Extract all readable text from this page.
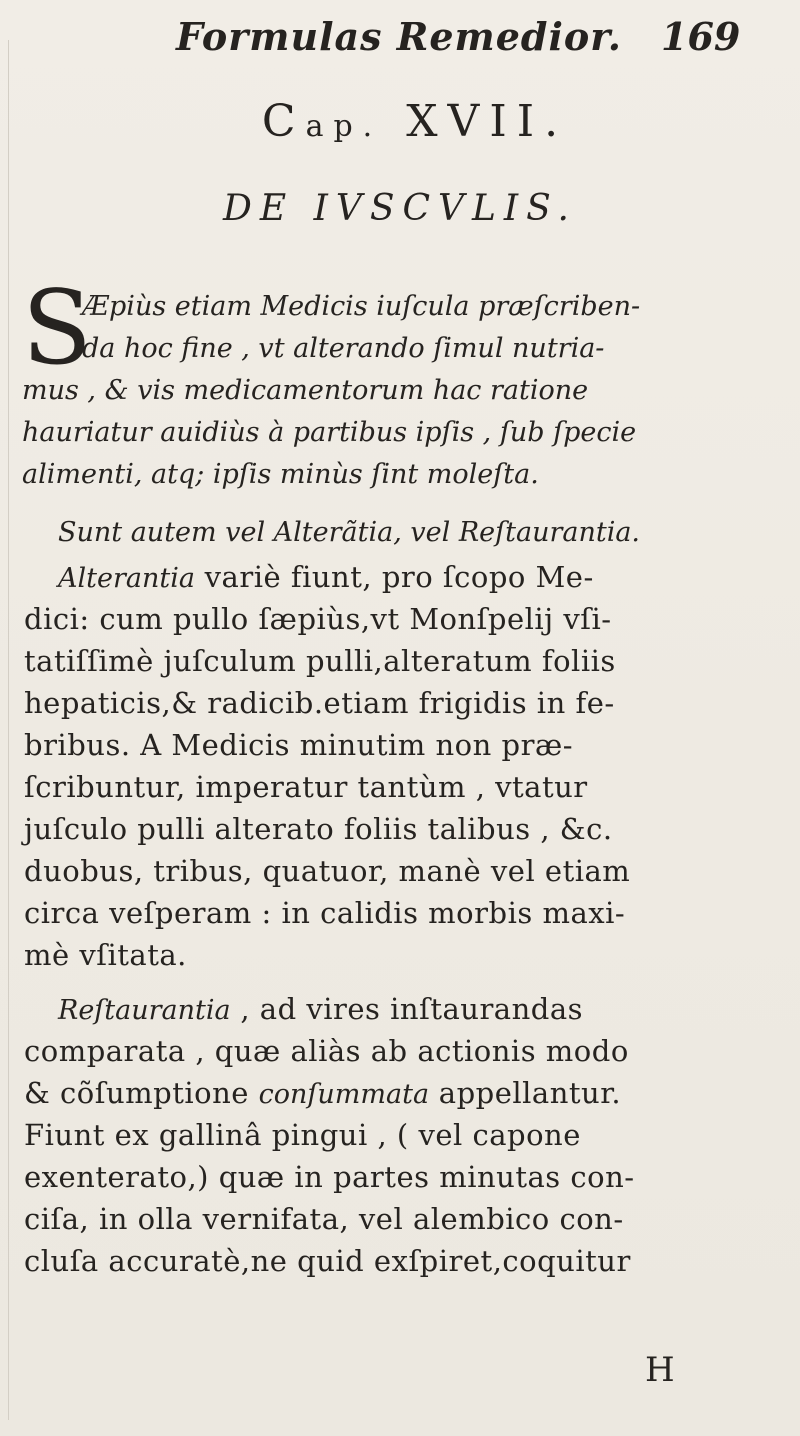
Formulas Remedior. 169
Cap. XVII.
DE IVSCVLIS.
S
Æpiùs etiam Medicis iuſcula præſcriben-
da hoc fine , vt alterando ſimul nutria-
mus , & vis medicamentorum hac ratione
hauriatur auidiùs à partibus ipſis , ſub ſpecie
alimenti, atq; ipſis minùs ſint moleſta.
Sunt autem vel Alterãtia, vel Reſtaurantia.
Alterantia variè fiunt, pro ſcopo Me-
dici: cum pullo ſæpiùs,vt Monſpelij vſi-
tatiſſimè juſculum pulli,alteratum foliis
hepaticis,& radicib.etiam frigidis in fe-
bribus. A Medicis minutim non præ-
ſcribuntur, imperatur tantùm , vtatur
juſculo pulli alterato foliis talibus , &c.
duobus, tribus, quatuor, manè vel etiam
circa veſperam : in calidis morbis maxi-
mè vſitata.
Reſtaurantia , ad vires inſtaurandas
comparata , quæ aliàs ab actionis modo
& cõſumptione conſummata appellantur.
Fiunt ex gallinâ pingui , ( vel capone
exenterato,) quæ in partes minutas con-
ciſa, in olla vernifata, vel alembico con-
cluſa accuratè,ne quid exſpiret,coquitur
H
